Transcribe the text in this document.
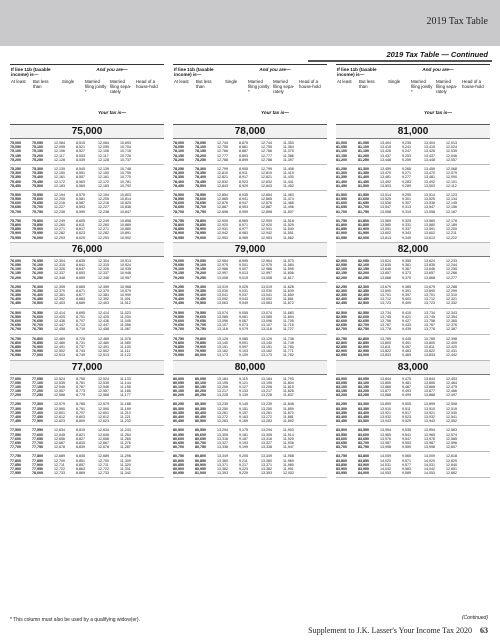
2019 Tax Table
2019 Tax Table — Continued
If line 11b (taxable income) is—
And you are—
At least	But less than
Single	Married filing jointly *
Married filing sepa-rately
Head of a house-hold
Your tax is—
75,000
75,000	75,050	12,084	8,515	12,084	10,693
75,050	75,100	12,095	8,521	12,095	10,704
75,100	75,150	12,106	8,527	12,106	10,715
75,150	75,200	12,117	8,533	12,117	10,726
75,200	75,250	12,128	8,539	12,128	10,737
75,250	75,300	12,139	8,545	12,139	10,748
75,300	75,350	12,150	8,551	12,150	10,759
75,350	75,400	12,161	8,557	12,161	10,770
75,400	75,450	12,172	8,563	12,172	10,781
75,450	75,500	12,183	8,569	12,183	10,792
75,500	75,550	12,194	8,575	12,194	10,803
75,550	75,600	12,205	8,581	12,205	10,814
75,600	75,650	12,216	8,587	12,216	10,825
75,650	75,700	12,227	8,593	12,227	10,836
75,700	75,750	12,238	8,599	12,238	10,847
75,750	75,800	12,249	8,605	12,249	10,858
75,800	75,850	12,260	8,611	12,260	10,869
75,850	75,900	12,271	8,617	12,271	10,880
75,900	75,950	12,282	8,623	12,282	10,891
75,950	76,000	12,293	8,629	12,293	10,902
76,000
76,000	76,050	12,304	8,635	12,304	10,913
76,050	76,100	12,315	8,641	12,315	10,924
76,100	76,150	12,326	8,647	12,326	10,935
76,150	76,200	12,337	8,653	12,337	10,946
76,200	76,250	12,348	8,659	12,348	10,957
76,250	76,300	12,359	8,665	12,359	10,968
76,300	76,350	12,370	8,671	12,370	10,979
76,350	76,400	12,381	8,677	12,381	10,990
76,400	76,450	12,392	8,683	12,392	11,001
76,450	76,500	12,403	8,689	12,403	11,012
76,500	76,550	12,414	8,695	12,414	11,023
76,550	76,600	12,425	8,701	12,425	11,034
76,600	76,650	12,436	8,707	12,436	11,045
76,650	76,700	12,447	8,713	12,447	11,056
76,700	76,750	12,458	8,719	12,458	11,067
76,750	76,800	12,469	8,725	12,469	11,078
76,800	76,850	12,480	8,731	12,480	11,089
76,850	76,900	12,491	8,737	12,491	11,100
76,900	76,950	12,502	8,743	12,502	11,111
76,950	77,000	12,513	8,749	12,513	11,122
77,000
77,000	77,050	12,524	8,755	12,524	11,133
77,050	77,100	12,535	8,761	12,535	11,144
77,100	77,150	12,546	8,767	12,546	11,155
77,150	77,200	12,557	8,773	12,557	11,166
77,200	77,250	12,568	8,779	12,568	11,177
77,250	77,300	12,579	8,785	12,579	11,188
77,300	77,350	12,590	8,791	12,590	11,199
77,350	77,400	12,601	8,797	12,601	11,210
77,400	77,450	12,612	8,803	12,612	11,221
77,450	77,500	12,623	8,809	12,623	11,232
77,500	77,550	12,634	8,815	12,634	11,243
77,550	77,600	12,645	8,821	12,645	11,254
77,600	77,650	12,656	8,827	12,656	11,265
77,650	77,700	12,667	8,833	12,667	11,276
77,700	77,750	12,678	8,839	12,678	11,287
77,750	77,800	12,689	8,845	12,689	11,298
77,800	77,850	12,700	8,851	12,700	11,309
77,850	77,900	12,711	8,857	12,711	11,320
77,900	77,950	12,722	8,863	12,722	11,331
77,950	78,000	12,733	8,869	12,733	11,342
If line 11b (taxable income) is—
And you are—
At least	But less than
Single	Married filing jointly *
Married filing sepa-rately
Head of a house-hold
Your tax is—
78,000
78,000	78,050	12,744	8,875	12,744	11,353
78,050	78,100	12,755	8,881	12,755	11,364
78,100	78,150	12,766	8,887	12,766	11,375
78,150	78,200	12,777	8,893	12,777	11,386
78,200	78,250	12,788	8,899	12,788	11,397
78,250	78,300	12,799	8,905	12,799	11,408
78,300	78,350	12,810	8,911	12,810	11,419
78,350	78,400	12,821	8,917	12,821	11,430
78,400	78,450	12,832	8,923	12,832	11,441
78,450	78,500	12,843	8,929	12,843	11,452
78,500	78,550	12,854	8,935	12,854	11,463
78,550	78,600	12,865	8,941	12,865	11,474
78,600	78,650	12,876	8,947	12,876	11,485
78,650	78,700	12,887	8,953	12,887	11,496
78,700	78,750	12,898	8,959	12,898	11,507
78,750	78,800	12,909	8,965	12,909	11,518
78,800	78,850	12,920	8,971	12,920	11,529
78,850	78,900	12,931	8,977	12,931	11,540
78,900	78,950	12,942	8,983	12,942	11,551
78,950	79,000	12,953	8,989	12,953	11,562
79,000
79,000	79,050	12,964	8,995	12,964	11,573
79,050	79,100	12,975	9,001	12,975	11,584
79,100	79,150	12,986	9,007	12,986	11,595
79,150	79,200	12,997	9,013	12,997	11,606
79,200	79,250	13,008	9,019	13,008	11,617
79,250	79,300	13,019	9,025	13,019	11,628
79,300	79,350	13,030	9,031	13,030	11,639
79,350	79,400	13,041	9,037	13,041	11,650
79,400	79,450	13,052	9,043	13,052	11,661
79,450	79,500	13,063	9,049	13,063	11,672
79,500	79,550	13,074	9,055	13,074	11,683
79,550	79,600	13,085	9,061	13,085	11,694
79,600	79,650	13,096	9,067	13,096	11,705
79,650	79,700	13,107	9,073	13,107	11,716
79,700	79,750	13,118	9,079	13,118	11,727
79,750	79,800	13,129	9,085	13,129	11,738
79,800	79,850	13,140	9,091	13,140	11,749
79,850	79,900	13,151	9,097	13,151	11,760
79,900	79,950	13,162	9,103	13,162	11,771
79,950	80,000	13,173	9,109	13,173	11,782
80,000
80,000	80,050	13,184	9,115	13,184	11,793
80,050	80,100	13,195	9,121	13,195	11,804
80,100	80,150	13,206	9,127	13,206	11,815
80,150	80,200	13,217	9,133	13,217	11,826
80,200	80,250	13,228	9,139	13,228	11,837
80,250	80,300	13,239	9,145	13,239	11,848
80,300	80,350	13,250	9,151	13,250	11,859
80,350	80,400	13,261	9,157	13,261	11,870
80,400	80,450	13,272	9,163	13,272	11,881
80,450	80,500	13,283	9,169	13,283	11,892
80,500	80,550	13,294	9,175	13,294	11,903
80,550	80,600	13,305	9,181	13,305	11,914
80,600	80,650	13,316	9,187	13,316	11,925
80,650	80,700	13,327	9,193	13,327	11,936
80,700	80,750	13,338	9,199	13,338	11,947
80,750	80,800	13,349	9,205	13,349	11,958
80,800	80,850	13,360	9,211	13,360	11,969
80,850	80,900	13,371	9,217	13,371	11,980
80,900	80,950	13,382	9,223	13,382	11,991
80,950	81,000	13,393	9,229	13,393	12,002
If line 11b (taxable income) is—
And you are—
At least	But less than
Single	Married filing jointly *
Married filing sepa-rately
Head of a house-hold
Your tax is—
81,000
81,000	81,050	13,404	9,235	13,404	12,013
81,050	81,100	13,415	9,241	13,415	12,024
81,100	81,150	13,426	9,247	13,426	12,035
81,150	81,200	13,437	9,253	13,437	12,046
81,200	81,250	13,448	9,259	13,448	12,057
81,250	81,300	13,459	9,265	13,459	12,068
81,300	81,350	13,470	9,271	13,470	12,079
81,350	81,400	13,481	9,277	13,481	12,090
81,400	81,450	13,492	9,283	13,492	12,101
81,450	81,500	13,503	9,289	13,503	12,112
81,500	81,550	13,514	9,295	13,514	12,123
81,550	81,600	13,525	9,301	13,525	12,134
81,600	81,650	13,536	9,307	13,536	12,145
81,650	81,700	13,547	9,313	13,547	12,156
81,700	81,750	13,558	9,319	13,558	12,167
81,750	81,800	13,569	9,325	13,569	12,178
81,800	81,850	13,580	9,331	13,580	12,189
81,850	81,900	13,591	9,337	13,591	12,200
81,900	81,950	13,602	9,343	13,602	12,211
81,950	82,000	13,613	9,349	13,613	12,222
82,000
82,000	82,050	13,624	9,355	13,624	12,233
82,050	82,100	13,635	9,361	13,635	12,244
82,100	82,150	13,646	9,367	13,646	12,255
82,150	82,200	13,657	9,373	13,657	12,266
82,200	82,250	13,668	9,379	13,668	12,277
82,250	82,300	13,679	9,385	13,679	12,288
82,300	82,350	13,690	9,391	13,690	12,299
82,350	82,400	13,701	9,397	13,701	12,310
82,400	82,450	13,712	9,403	13,712	12,321
82,450	82,500	13,723	9,409	13,723	12,332
82,500	82,550	13,734	9,415	13,734	12,343
82,550	82,600	13,745	9,421	13,745	12,354
82,600	82,650	13,756	9,427	13,756	12,365
82,650	82,700	13,767	9,433	13,767	12,376
82,700	82,750	13,778	9,439	13,778	12,387
82,750	82,800	13,789	9,445	13,789	12,398
82,800	82,850	13,800	9,451	13,800	12,409
82,850	82,900	13,811	9,457	13,811	12,420
82,900	82,950	13,822	9,463	13,822	12,431
82,950	83,000	13,833	9,469	13,833	12,442
83,000
83,000	83,050	13,844	9,475	13,844	12,453
83,050	83,100	13,855	9,481	13,855	12,464
83,100	83,150	13,866	9,487	13,866	12,475
83,150	83,200	13,877	9,493	13,877	12,486
83,200	83,250	13,888	9,499	13,888	12,497
83,250	83,300	13,899	9,505	13,899	12,508
83,300	83,350	13,910	9,511	13,910	12,519
83,350	83,400	13,921	9,517	13,921	12,530
83,400	83,450	13,932	9,523	13,932	12,541
83,450	83,500	13,943	9,529	13,943	12,552
83,500	83,550	13,954	9,535	13,954	12,563
83,550	83,600	13,965	9,541	13,965	12,574
83,600	83,650	13,976	9,547	13,976	12,585
83,650	83,700	13,987	9,553	13,987	12,596
83,700	83,750	13,998	9,559	13,998	12,607
83,750	83,800	14,009	9,565	14,009	12,618
83,800	83,850	14,020	9,571	14,020	12,629
83,850	83,900	14,031	9,577	14,031	12,640
83,900	83,950	14,042	9,583	14,042	12,651
83,950	84,000	14,053	9,589	14,053	12,662
* This column must also be used by a qualifying widow(er).	(Continued)
Supplement to J.K. Lasser's Your Income Tax 2020 63
